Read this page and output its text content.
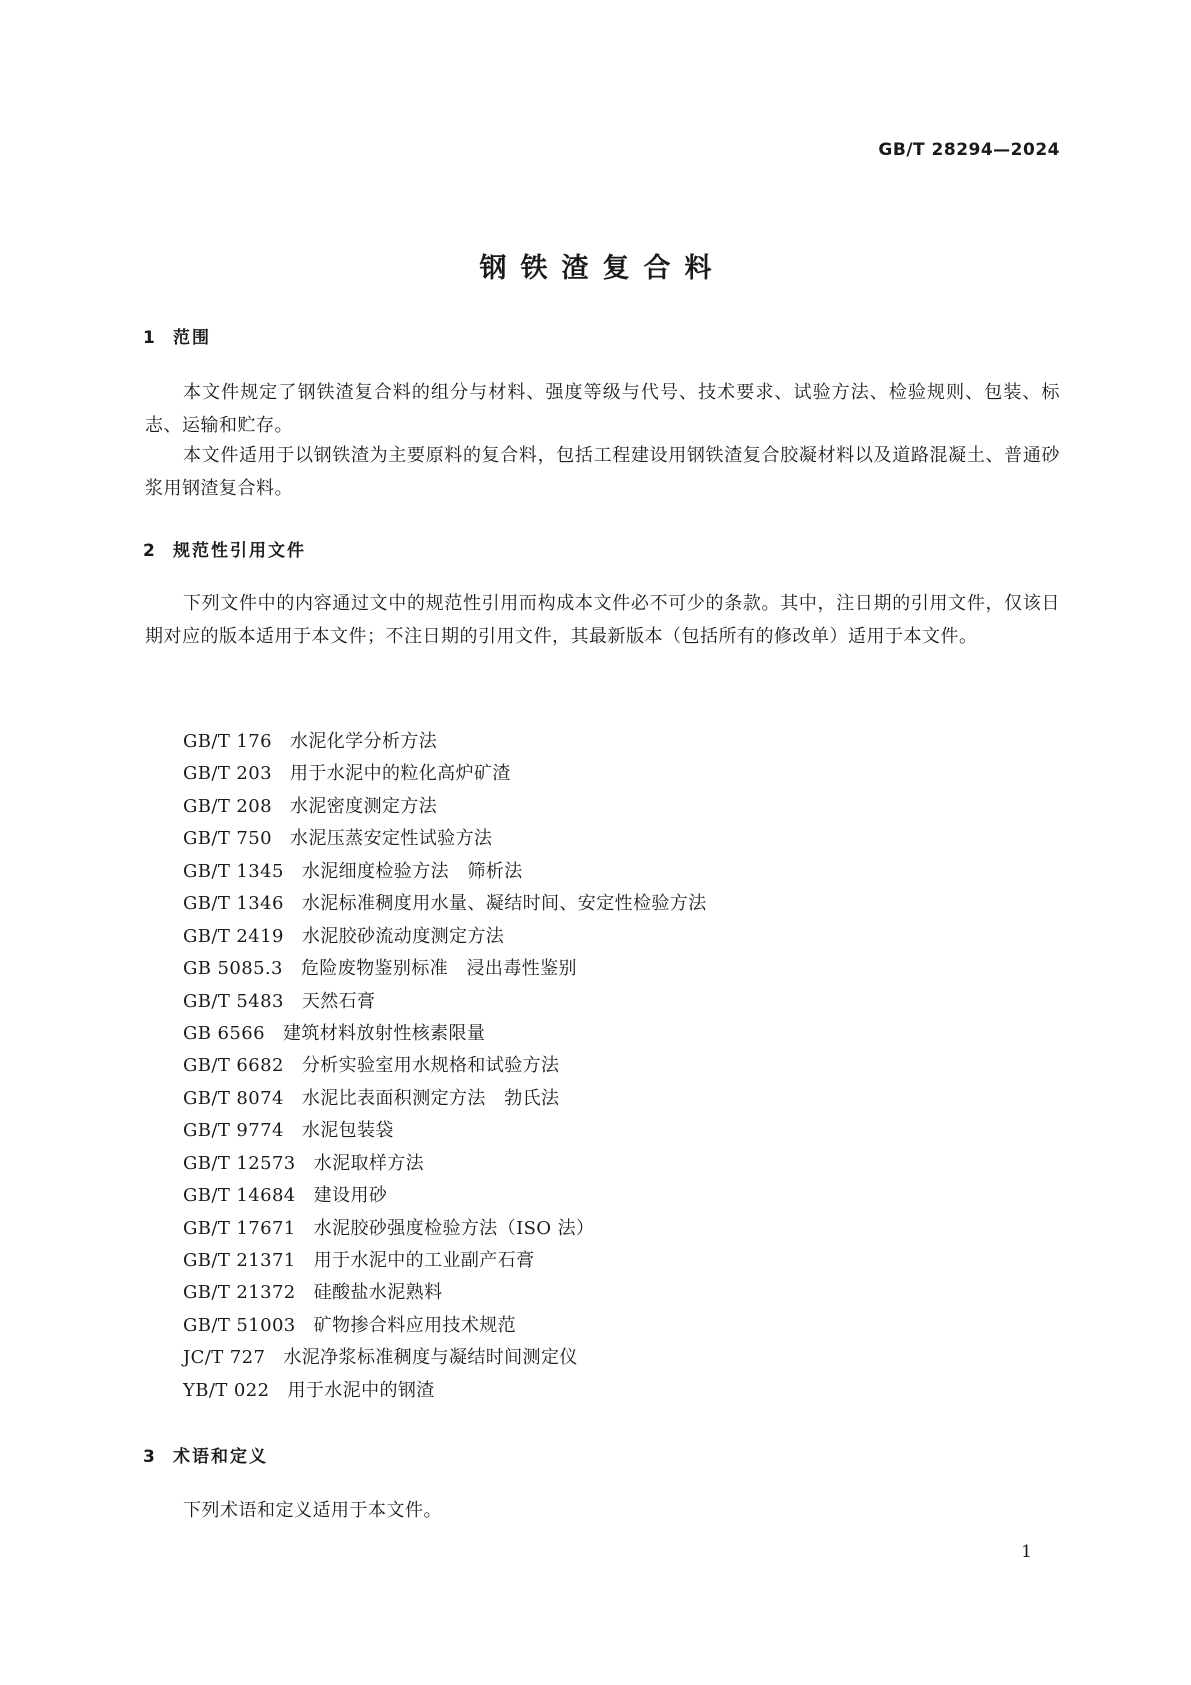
GB/T 28294—2024
钢铁渣复合料
1 范围

本文件规定了钢铁渣复合料的组分与材料、强度等级与代号、技术要求、试验方法、检验规则、包装、标志、运输和贮存。

本文件适用于以钢铁渣为主要原料的复合料，包括工程建设用钢铁渣复合胶凝材料以及道路混凝土、普通砂浆用钢渣复合料。

2 规范性引用文件

下列文件中的内容通过文中的规范性引用而构成本文件必不可少的条款。其中，注日期的引用文件，仅该日期对应的版本适用于本文件；不注日期的引用文件，其最新版本（包括所有的修改单）适用于本文件。

GB/T 176 水泥化学分析方法
GB/T 203 用于水泥中的粒化高炉矿渣
GB/T 208 水泥密度测定方法
GB/T 750 水泥压蒸安定性试验方法
GB/T 1345 水泥细度检验方法　筛析法
GB/T 1346 水泥标准稠度用水量、凝结时间、安定性检验方法
GB/T 2419 水泥胶砂流动度测定方法
GB 5085.3 危险废物鉴别标准　浸出毒性鉴别
GB/T 5483 天然石膏
GB 6566 建筑材料放射性核素限量
GB/T 6682 分析实验室用水规格和试验方法
GB/T 8074 水泥比表面积测定方法　勃氏法
GB/T 9774 水泥包装袋
GB/T 12573 水泥取样方法
GB/T 14684 建设用砂
GB/T 17671 水泥胶砂强度检验方法（ISO 法）
GB/T 21371 用于水泥中的工业副产石膏
GB/T 21372 硅酸盐水泥熟料
GB/T 51003 矿物掺合料应用技术规范
JC/T 727 水泥净浆标准稠度与凝结时间测定仪
YB/T 022 用于水泥中的钢渣
3 术语和定义

下列术语和定义适用于本文件。

1
